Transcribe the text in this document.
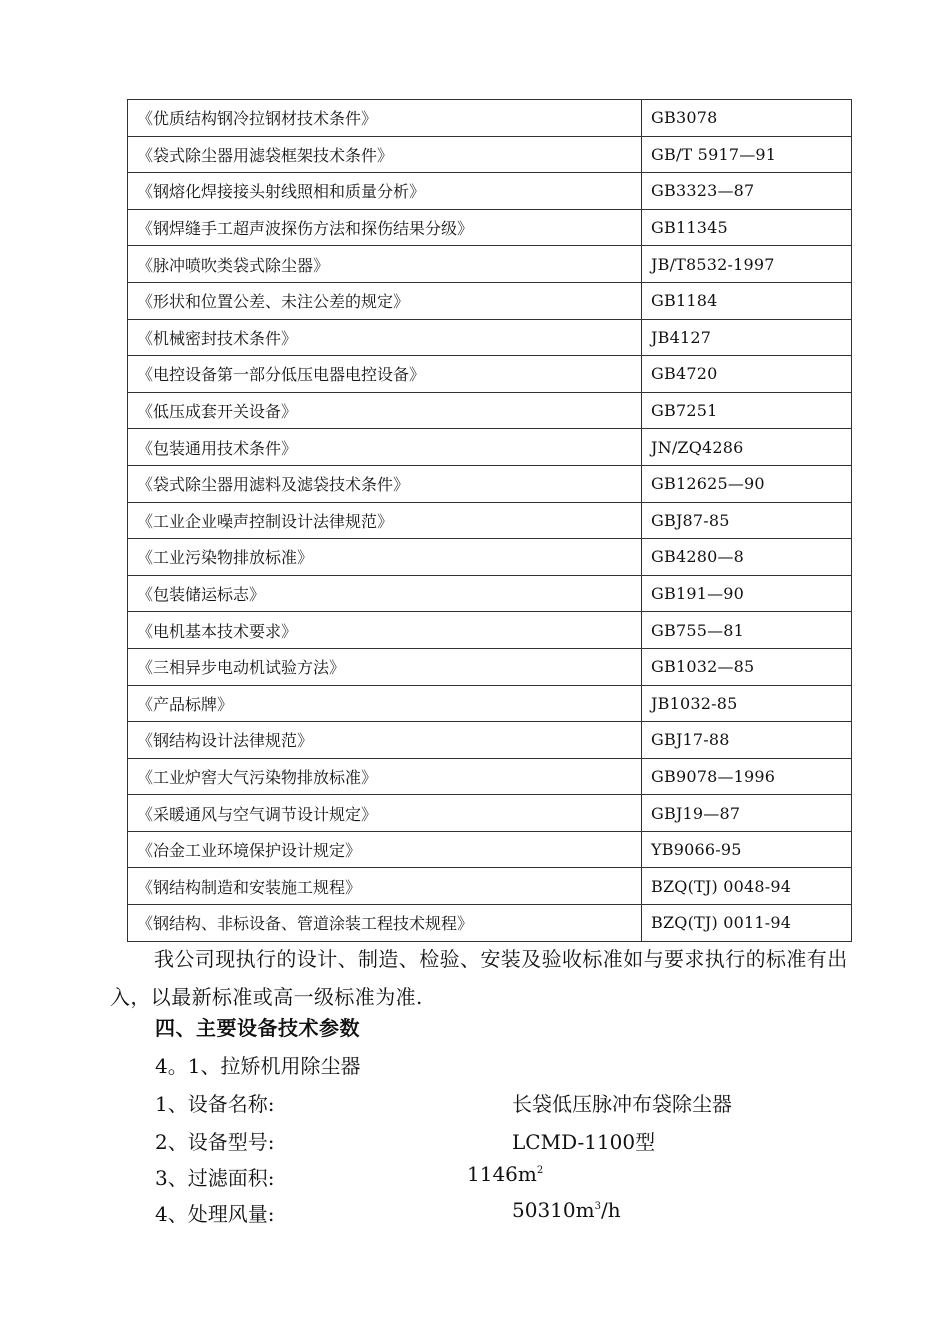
《优质结构钢冷拉钢材技术条件》	GB3078
《袋式除尘器用滤袋框架技术条件》	GB/T 5917—91
《钢熔化焊接接头射线照相和质量分析》	GB3323—87
《钢焊缝手工超声波探伤方法和探伤结果分级》	GB11345
《脉冲喷吹类袋式除尘器》	JB/T8532-1997
《形状和位置公差、未注公差的规定》	GB1184
《机械密封技术条件》	JB4127
《电控设备第一部分低压电器电控设备》	GB4720
《低压成套开关设备》	GB7251
《包装通用技术条件》	JN/ZQ4286
《袋式除尘器用滤料及滤袋技术条件》	GB12625—90
《工业企业噪声控制设计法律规范》	GBJ87-85
《工业污染物排放标准》	GB4280—8
《包装储运标志》	GB191—90
《电机基本技术要求》	GB755—81
《三相异步电动机试验方法》	GB1032—85
《产品标牌》	JB1032-85
《钢结构设计法律规范》	GBJ17-88
《工业炉窖大气污染物排放标准》	GB9078—1996
《采暖通风与空气调节设计规定》	GBJ19—87
《冶金工业环境保护设计规定》	YB9066-95
《钢结构制造和安装施工规程》	BZQ(TJ) 0048-94
《钢结构、非标设备、管道涂装工程技术规程》	BZQ(TJ) 0011-94
我公司现执行的设计、制造、检验、安装及验收标准如与要求执行的标准有出入，以最新标准或高一级标准为准.
四、主要设备技术参数
4。1、拉矫机用除尘器
1、设备名称:	长袋低压脉冲布袋除尘器
2、设备型号:	LCMD-1100型
3、过滤面积:	$1146m^2$
4、处理风量:	$50310m^3/h$
